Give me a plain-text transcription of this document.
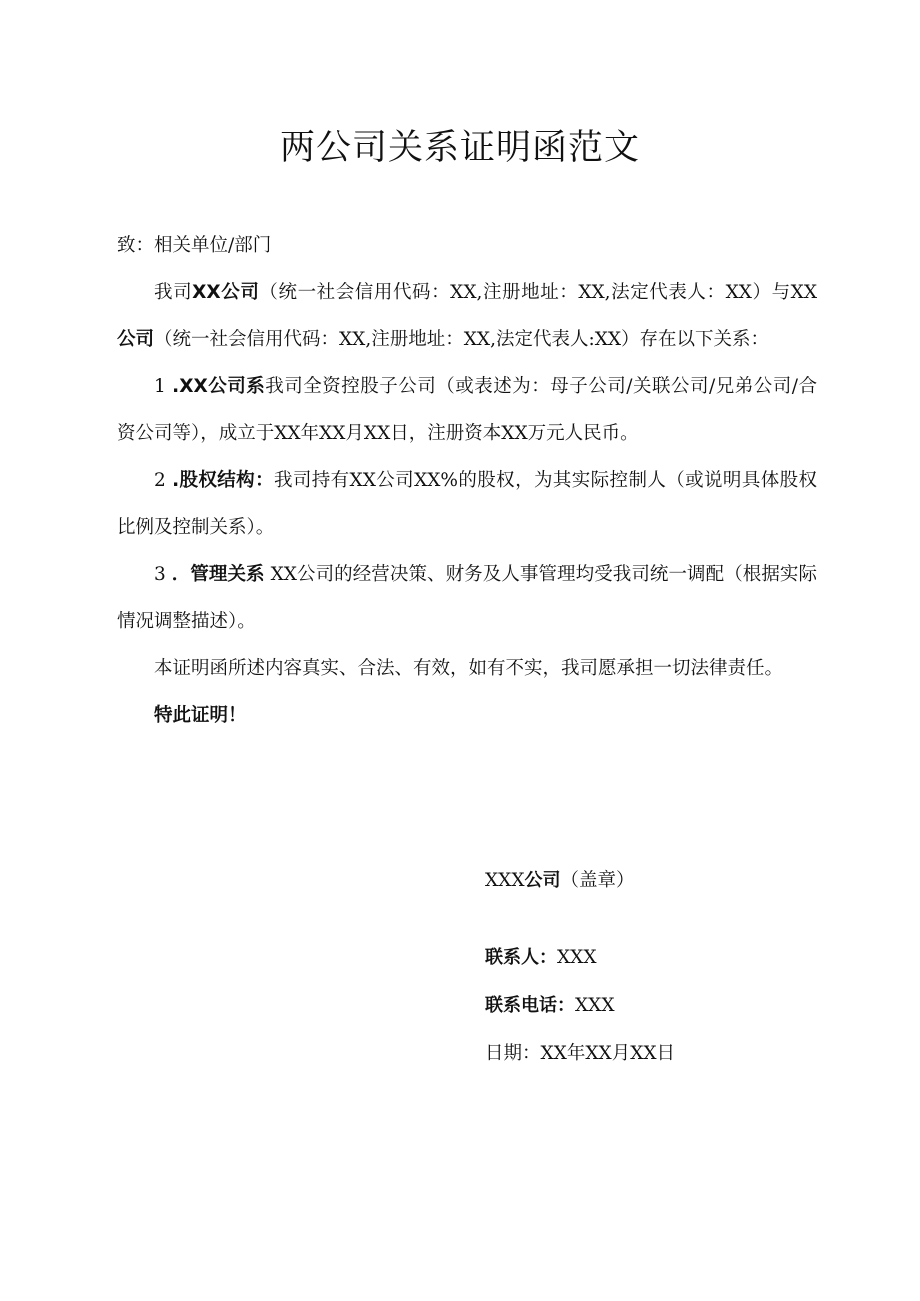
两公司关系证明函范文

致：相关单位/部门

我司XX公司（统一社会信用代码：XX,注册地址：XX,法定代表人：XX）与XX公司（统一社会信用代码：XX,注册地址：XX,法定代表人:XX）存在以下关系：

1 .XX公司系我司全资控股子公司（或表述为：母子公司/关联公司/兄弟公司/合资公司等），成立于XX年XX月XX日，注册资本XX万元人民币。

2 .股权结构：我司持有XX公司XX%的股权，为其实际控制人（或说明具体股权比例及控制关系）。

3 ．管理关系 XX公司的经营决策、财务及人事管理均受我司统一调配（根据实际情况调整描述）。

本证明函所述内容真实、合法、有效，如有不实，我司愿承担一切法律责任。

特此证明！

XXX公司（盖章）
联系人：XXX
联系电话：XXX
日期：XX年XX月XX日
